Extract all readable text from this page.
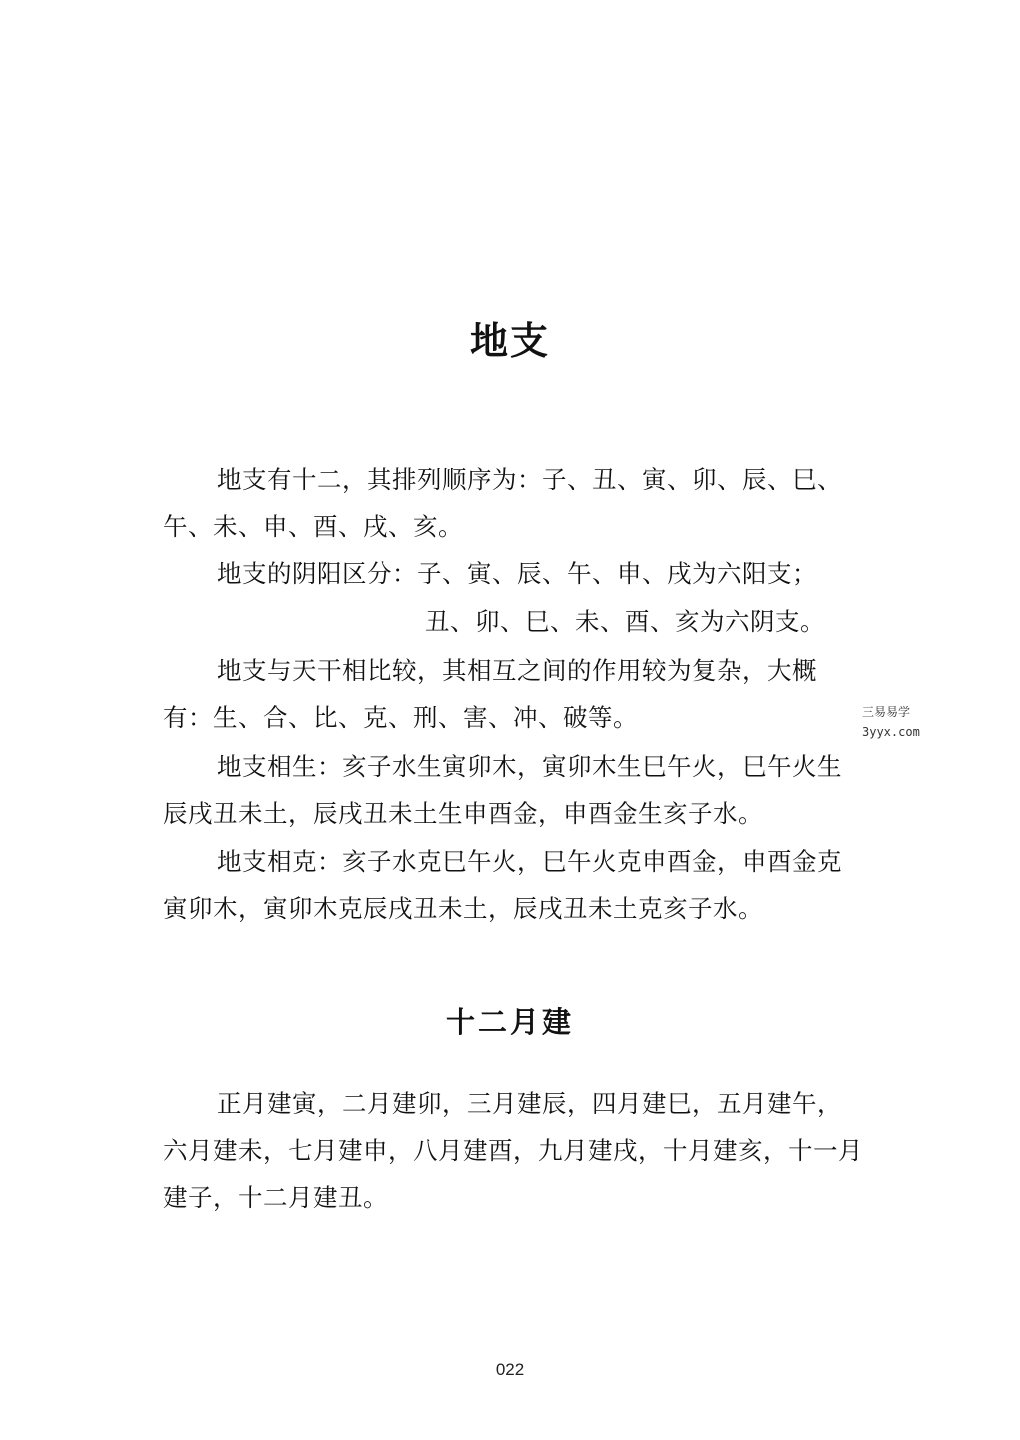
地支

地支有十二，其排列顺序为：子、丑、寅、卯、辰、巳、午、未、申、酉、戌、亥。

地支的阴阳区分：子、寅、辰、午、申、戌为六阳支；

丑、卯、巳、未、酉、亥为六阴支。

地支与天干相比较，其相互之间的作用较为复杂，大概有：生、合、比、克、刑、害、冲、破等。

地支相生：亥子水生寅卯木，寅卯木生巳午火，巳午火生辰戌丑未土，辰戌丑未土生申酉金，申酉金生亥子水。

地支相克：亥子水克巳午火，巳午火克申酉金，申酉金克寅卯木，寅卯木克辰戌丑未土，辰戌丑未土克亥子水。

十二月建

正月建寅，二月建卯，三月建辰，四月建巳，五月建午，六月建未，七月建申，八月建酉，九月建戌，十月建亥，十一月建子，十二月建丑。

三易易学
3yyx.com
022
